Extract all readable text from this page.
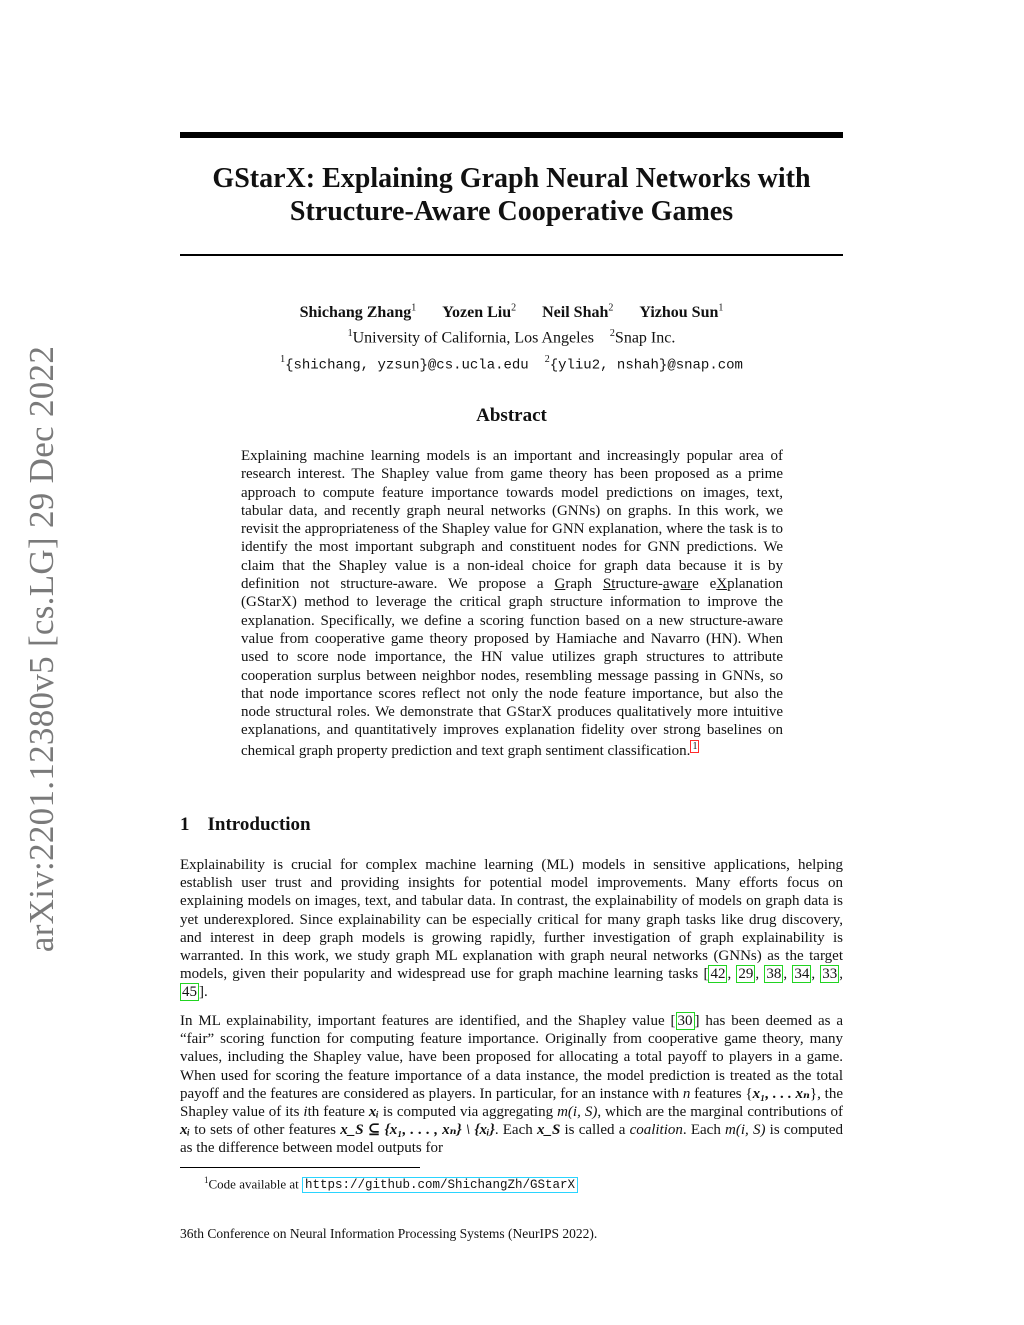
arXiv:2201.12380v5 [cs.LG] 29 Dec 2022
GStarX: Explaining Graph Neural Networks with
Structure-Aware Cooperative Games
Shichang Zhang$^1$ Yozen Liu$^2$ Neil Shah$^2$ Yizhou Sun$^1$
$^1$University of California, Los Angeles $^2$Snap Inc.
$^1${shichang, yzsun}@cs.ucla.edu $^2${yliu2, nshah}@snap.com
Abstract
Explaining machine learning models is an important and increasingly popular area of research interest. The Shapley value from game theory has been proposed as a prime approach to compute feature importance towards model predictions on images, text, tabular data, and recently graph neural networks (GNNs) on graphs. In this work, we revisit the appropriateness of the Shapley value for GNN explanation, where the task is to identify the most important subgraph and constituent nodes for GNN predictions. We claim that the Shapley value is a non-ideal choice for graph data because it is by definition not structure-aware. We propose a Graph Structure-aware eXplanation (GStarX) method to leverage the critical graph structure information to improve the explanation. Specifically, we define a scoring function based on a new structure-aware value from cooperative game theory proposed by Hamiache and Navarro (HN). When used to score node importance, the HN value utilizes graph structures to attribute cooperation surplus between neighbor nodes, resembling message passing in GNNs, so that node importance scores reflect not only the node feature importance, but also the node structural roles. We demonstrate that GStarX produces qualitatively more intuitive explanations, and quantitatively improves explanation fidelity over strong baselines on chemical graph property prediction and text graph sentiment classification. 1
1 Introduction
Explainability is crucial for complex machine learning (ML) models in sensitive applications, helping establish user trust and providing insights for potential model improvements. Many efforts focus on explaining models on images, text, and tabular data. In contrast, the explainability of models on graph data is yet underexplored. Since explainability can be especially critical for many graph tasks like drug discovery, and interest in deep graph models is growing rapidly, further investigation of graph explainability is warranted. In this work, we study graph ML explanation with graph neural networks (GNNs) as the target models, given their popularity and widespread use for graph machine learning tasks [ 42 , 29 , 38 , 34 , 33 , 45 ].
In ML explainability, important features are identified, and the Shapley value [ 30 ] has been deemed as a “fair” scoring function for computing feature importance. Originally from cooperative game theory, many values, including the Shapley value, have been proposed for allocating a total payoff to players in a game. When used for scoring the feature importance of a data instance, the model prediction is treated as the total payoff and the features are considered as players. In particular, for an instance with n features {x₁, . . . xₙ}, the Shapley value of its ith feature xᵢ is computed via aggregating m(i, S), which are the marginal contributions of xᵢ to sets of other features x_S ⊆ {x₁, . . . , xₙ} \ {xᵢ}. Each x_S is called a coalition. Each m(i, S) is computed as the difference between model outputs for
$^1$Code available at https://github.com/ShichangZh/GStarX
36th Conference on Neural Information Processing Systems (NeurIPS 2022).
